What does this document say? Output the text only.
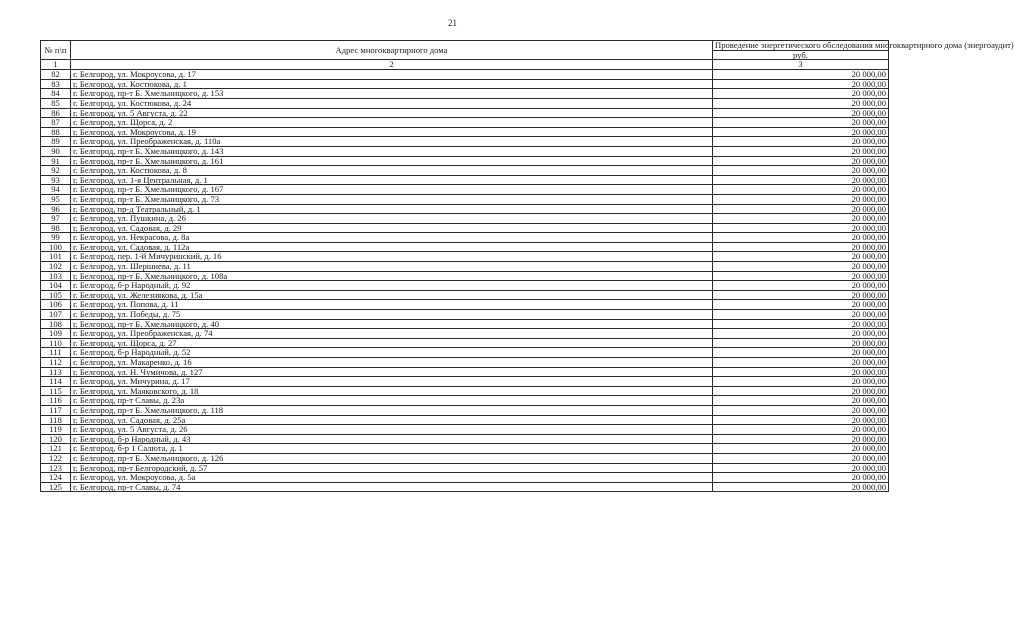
21
№ п\п	Адрес многоквартирного дома	Проведение энергетического обследования многоквартирного дома (энергоаудит)
		руб.
1	2	3
82	г. Белгород, ул. Мокроусова, д. 17	20 000,00
83	г. Белгород, ул. Костюкова, д. 1	20 000,00
84	г. Белгород, пр-т Б. Хмельницкого, д. 153	20 000,00
85	г. Белгород, ул. Костюкова, д. 24	20 000,00
86	г. Белгород, ул. 5 Августа, д. 22	20 000,00
87	г. Белгород, ул. Щорса, д. 2	20 000,00
88	г. Белгород, ул. Мокроусова, д. 19	20 000,00
89	г. Белгород, ул. Преображенская, д. 110а	20 000,00
90	г. Белгород, пр-т Б. Хмельницкого, д. 143	20 000,00
91	г. Белгород, пр-т Б. Хмельницкого, д. 161	20 000,00
92	г. Белгород, ул. Костюкова, д. 8	20 000,00
93	г. Белгород, ул. 1-я Центральная, д. 1	20 000,00
94	г. Белгород, пр-т Б. Хмельницкого, д. 167	20 000,00
95	г. Белгород, пр-т Б. Хмельницкого, д. 73	20 000,00
96	г. Белгород, пр-д Театральный, д. 1	20 000,00
97	г. Белгород, ул. Пушкина, д. 26	20 000,00
98	г. Белгород, ул. Садовая, д. 29	20 000,00
99	г. Белгород, ул. Некрасова, д. 8а	20 000,00
100	г. Белгород, ул. Садовая, д. 112а	20 000,00
101	г. Белгород, пер. 1-й Мичуринский, д. 16	20 000,00
102	г. Белгород, ул. Шершнева, д. 11	20 000,00
103	г. Белгород, пр-т Б. Хмельницкого, д. 108а	20 000,00
104	г. Белгород, б-р Народный, д. 92	20 000,00
105	г. Белгород, ул. Железнякова, д. 15а	20 000,00
106	г. Белгород, ул. Попова, д. 11	20 000,00
107	г. Белгород, ул. Победы, д. 75	20 000,00
108	г. Белгород, пр-т Б. Хмельницкого, д. 40	20 000,00
109	г. Белгород, ул. Преображенская, д. 74	20 000,00
110	г. Белгород, ул. Щорса, д. 27	20 000,00
111	г. Белгород, б-р Народный, д. 52	20 000,00
112	г. Белгород, ул. Макаренко, д. 16	20 000,00
113	г. Белгород, ул. Н. Чумичова, д. 127	20 000,00
114	г. Белгород, ул. Мичурина, д. 17	20 000,00
115	г. Белгород, ул. Маяковского, д. 18	20 000,00
116	г. Белгород, пр-т Славы, д. 23а	20 000,00
117	г. Белгород, пр-т Б. Хмельницкого, д. 118	20 000,00
118	г. Белгород, ул. Садовая, д. 25а	20 000,00
119	г. Белгород, ул. 5 Августа, д. 26	20 000,00
120	г. Белгород, б-р Народный, д. 43	20 000,00
121	г. Белгород, б-р 1 Салюта, д. 1	20 000,00
122	г. Белгород, пр-т Б. Хмельницкого, д. 126	20 000,00
123	г. Белгород, пр-т Белгородский, д. 57	20 000,00
124	г. Белгород, ул. Мокроусова, д. 5а	20 000,00
125	г. Белгород, пр-т Славы, д. 74	20 000,00
